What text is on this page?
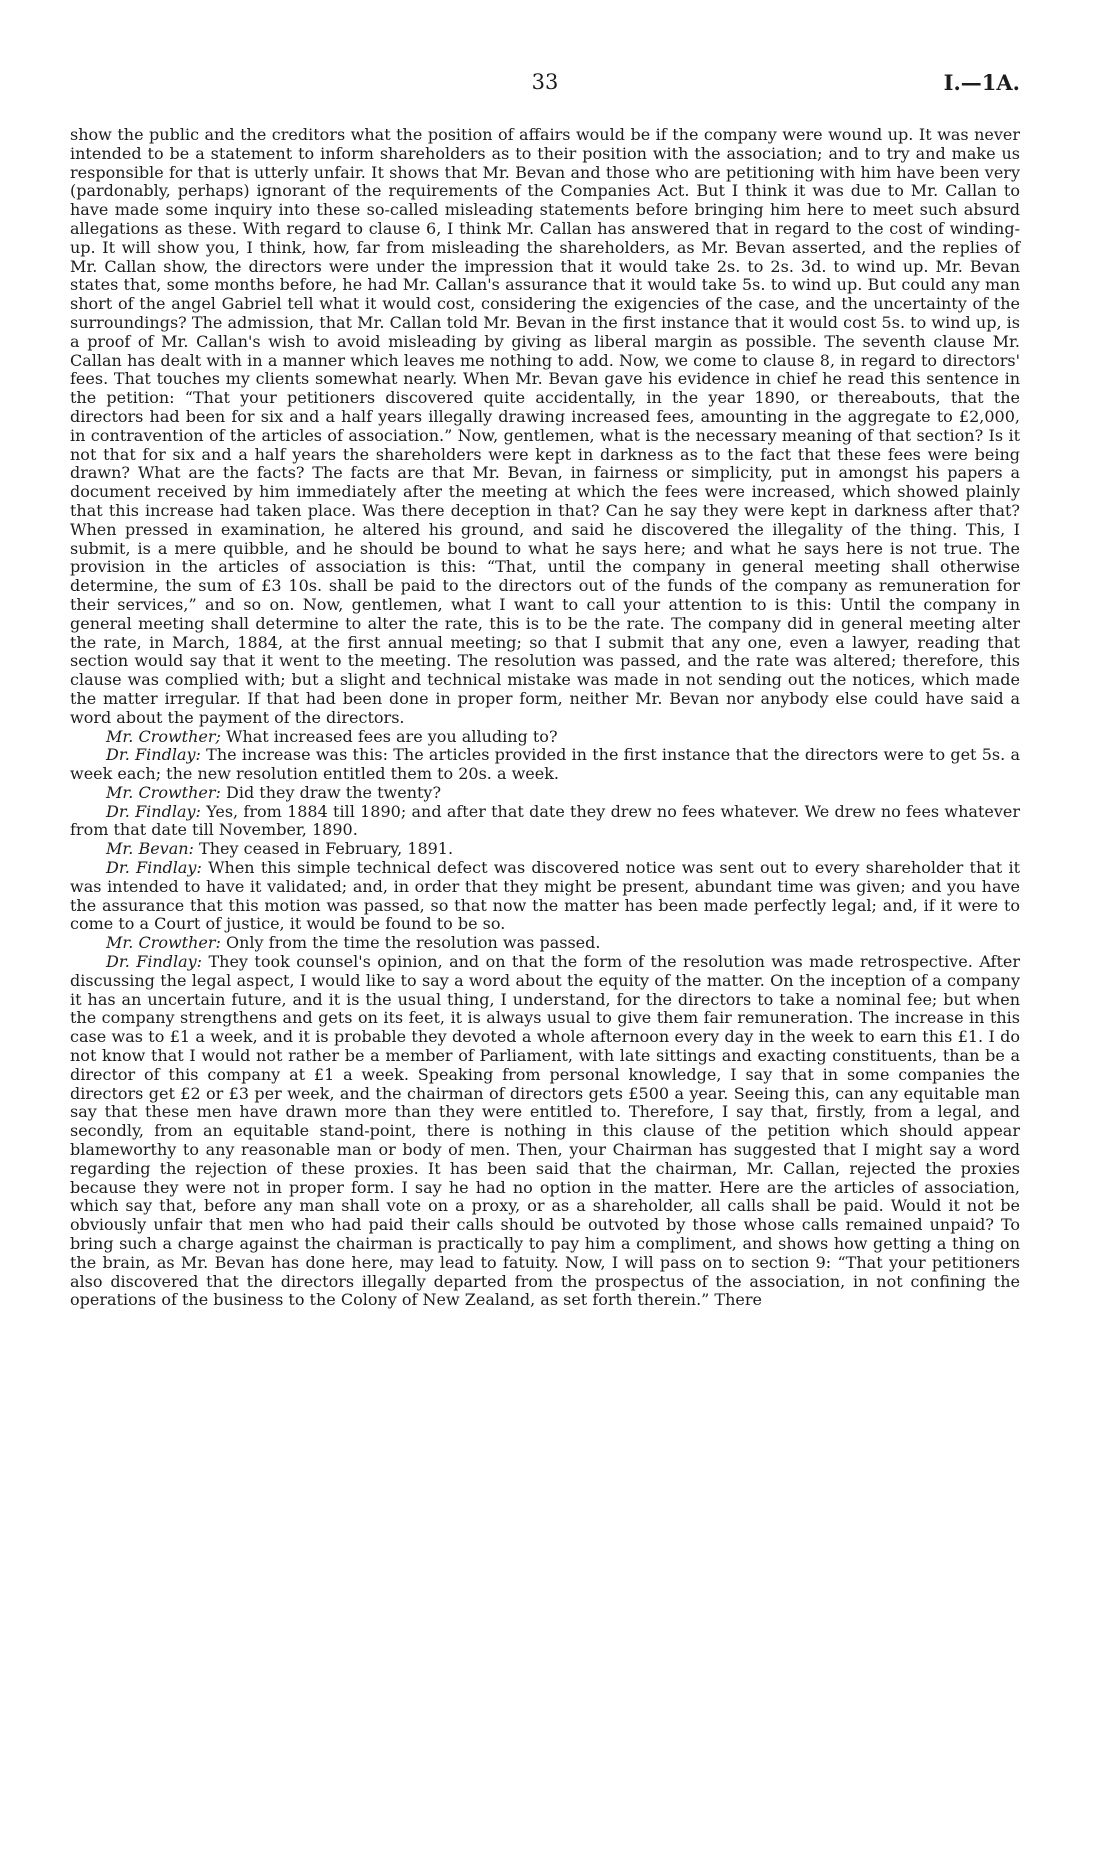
33	I.—1A.

show the public and the creditors what the position of affairs would be if the company were wound up. It was never intended to be a statement to inform shareholders as to their position with the association; and to try and make us responsible for that is utterly unfair. It shows that Mr. Bevan and those who are petitioning with him have been very (pardonably, perhaps) ignorant of the requirements of the Companies Act. But I think it was due to Mr. Callan to have made some inquiry into these so-called misleading statements before bringing him here to meet such absurd allegations as these. With regard to clause 6, I think Mr. Callan has answered that in regard to the cost of winding-up. It will show you, I think, how, far from misleading the shareholders, as Mr. Bevan asserted, and the replies of Mr. Callan show, the directors were under the impression that it would take 2s. to 2s. 3d. to wind up. Mr. Bevan states that, some months before, he had Mr. Callan's assurance that it would take 5s. to wind up. But could any man short of the angel Gabriel tell what it would cost, considering the exigencies of the case, and the uncertainty of the surroundings? The admission, that Mr. Callan told Mr. Bevan in the first instance that it would cost 5s. to wind up, is a proof of Mr. Callan's wish to avoid misleading by giving as liberal margin as possible. The seventh clause Mr. Callan has dealt with in a manner which leaves me nothing to add. Now, we come to clause 8, in regard to directors' fees. That touches my clients somewhat nearly. When Mr. Bevan gave his evidence in chief he read this sentence in the petition: “That your petitioners discovered quite accidentally, in the year 1890, or thereabouts, that the directors had been for six and a half years illegally drawing increased fees, amounting in the aggregate to £2,000, in contravention of the articles of association.” Now, gentlemen, what is the necessary meaning of that section? Is it not that for six and a half years the shareholders were kept in darkness as to the fact that these fees were being drawn? What are the facts? The facts are that Mr. Bevan, in fairness or simplicity, put in amongst his papers a document received by him immediately after the meeting at which the fees were increased, which showed plainly that this increase had taken place. Was there deception in that? Can he say they were kept in darkness after that? When pressed in examination, he altered his ground, and said he discovered the illegality of the thing. This, I submit, is a mere quibble, and he should be bound to what he says here; and what he says here is not true. The provision in the articles of association is this: “That, until the company in general meeting shall otherwise determine, the sum of £3 10s. shall be paid to the directors out of the funds of the company as remuneration for their services,” and so on. Now, gentlemen, what I want to call your attention to is this: Until the company in general meeting shall determine to alter the rate, this is to be the rate. The company did in general meeting alter the rate, in March, 1884, at the first annual meeting; so that I submit that any one, even a lawyer, reading that section would say that it went to the meeting. The resolution was passed, and the rate was altered; therefore, this clause was complied with; but a slight and technical mistake was made in not sending out the notices, which made the matter irregular. If that had been done in proper form, neither Mr. Bevan nor anybody else could have said a word about the payment of the directors.

Mr. Crowther; What increased fees are you alluding to?

Dr. Findlay: The increase was this: The articles provided in the first instance that the directors were to get 5s. a week each; the new resolution entitled them to 20s. a week.

Mr. Crowther: Did they draw the twenty?

Dr. Findlay: Yes, from 1884 till 1890; and after that date they drew no fees whatever. We drew no fees whatever from that date till November, 1890.

Mr. Bevan: They ceased in February, 1891.

Dr. Findlay: When this simple technical defect was discovered notice was sent out to every shareholder that it was intended to have it validated; and, in order that they might be present, abundant time was given; and you have the assurance that this motion was passed, so that now the matter has been made perfectly legal; and, if it were to come to a Court of justice, it would be found to be so.

Mr. Crowther: Only from the time the resolution was passed.

Dr. Findlay: They took counsel's opinion, and on that the form of the resolution was made retrospective. After discussing the legal aspect, I would like to say a word about the equity of the matter. On the inception of a company it has an uncertain future, and it is the usual thing, I understand, for the directors to take a nominal fee; but when the company strengthens and gets on its feet, it is always usual to give them fair remuneration. The increase in this case was to £1 a week, and it is probable they devoted a whole afternoon every day in the week to earn this £1. I do not know that I would not rather be a member of Parliament, with late sittings and exacting constituents, than be a director of this company at £1 a week. Speaking from personal knowledge, I say that in some companies the directors get £2 or £3 per week, and the chairman of directors gets £500 a year. Seeing this, can any equitable man say that these men have drawn more than they were entitled to. Therefore, I say that, firstly, from a legal, and secondly, from an equitable stand-point, there is nothing in this clause of the petition which should appear blameworthy to any reasonable man or body of men. Then, your Chairman has suggested that I might say a word regarding the rejection of these proxies. It has been said that the chairman, Mr. Callan, rejected the proxies because they were not in proper form. I say he had no option in the matter. Here are the articles of association, which say that, before any man shall vote on a proxy, or as a shareholder, all calls shall be paid. Would it not be obviously unfair that men who had paid their calls should be outvoted by those whose calls remained unpaid? To bring such a charge against the chairman is practically to pay him a compliment, and shows how getting a thing on the brain, as Mr. Bevan has done here, may lead to fatuity. Now, I will pass on to section 9: “That your petitioners also discovered that the directors illegally departed from the prospectus of the association, in not confining the operations of the business to the Colony of New Zealand, as set forth therein.” There
